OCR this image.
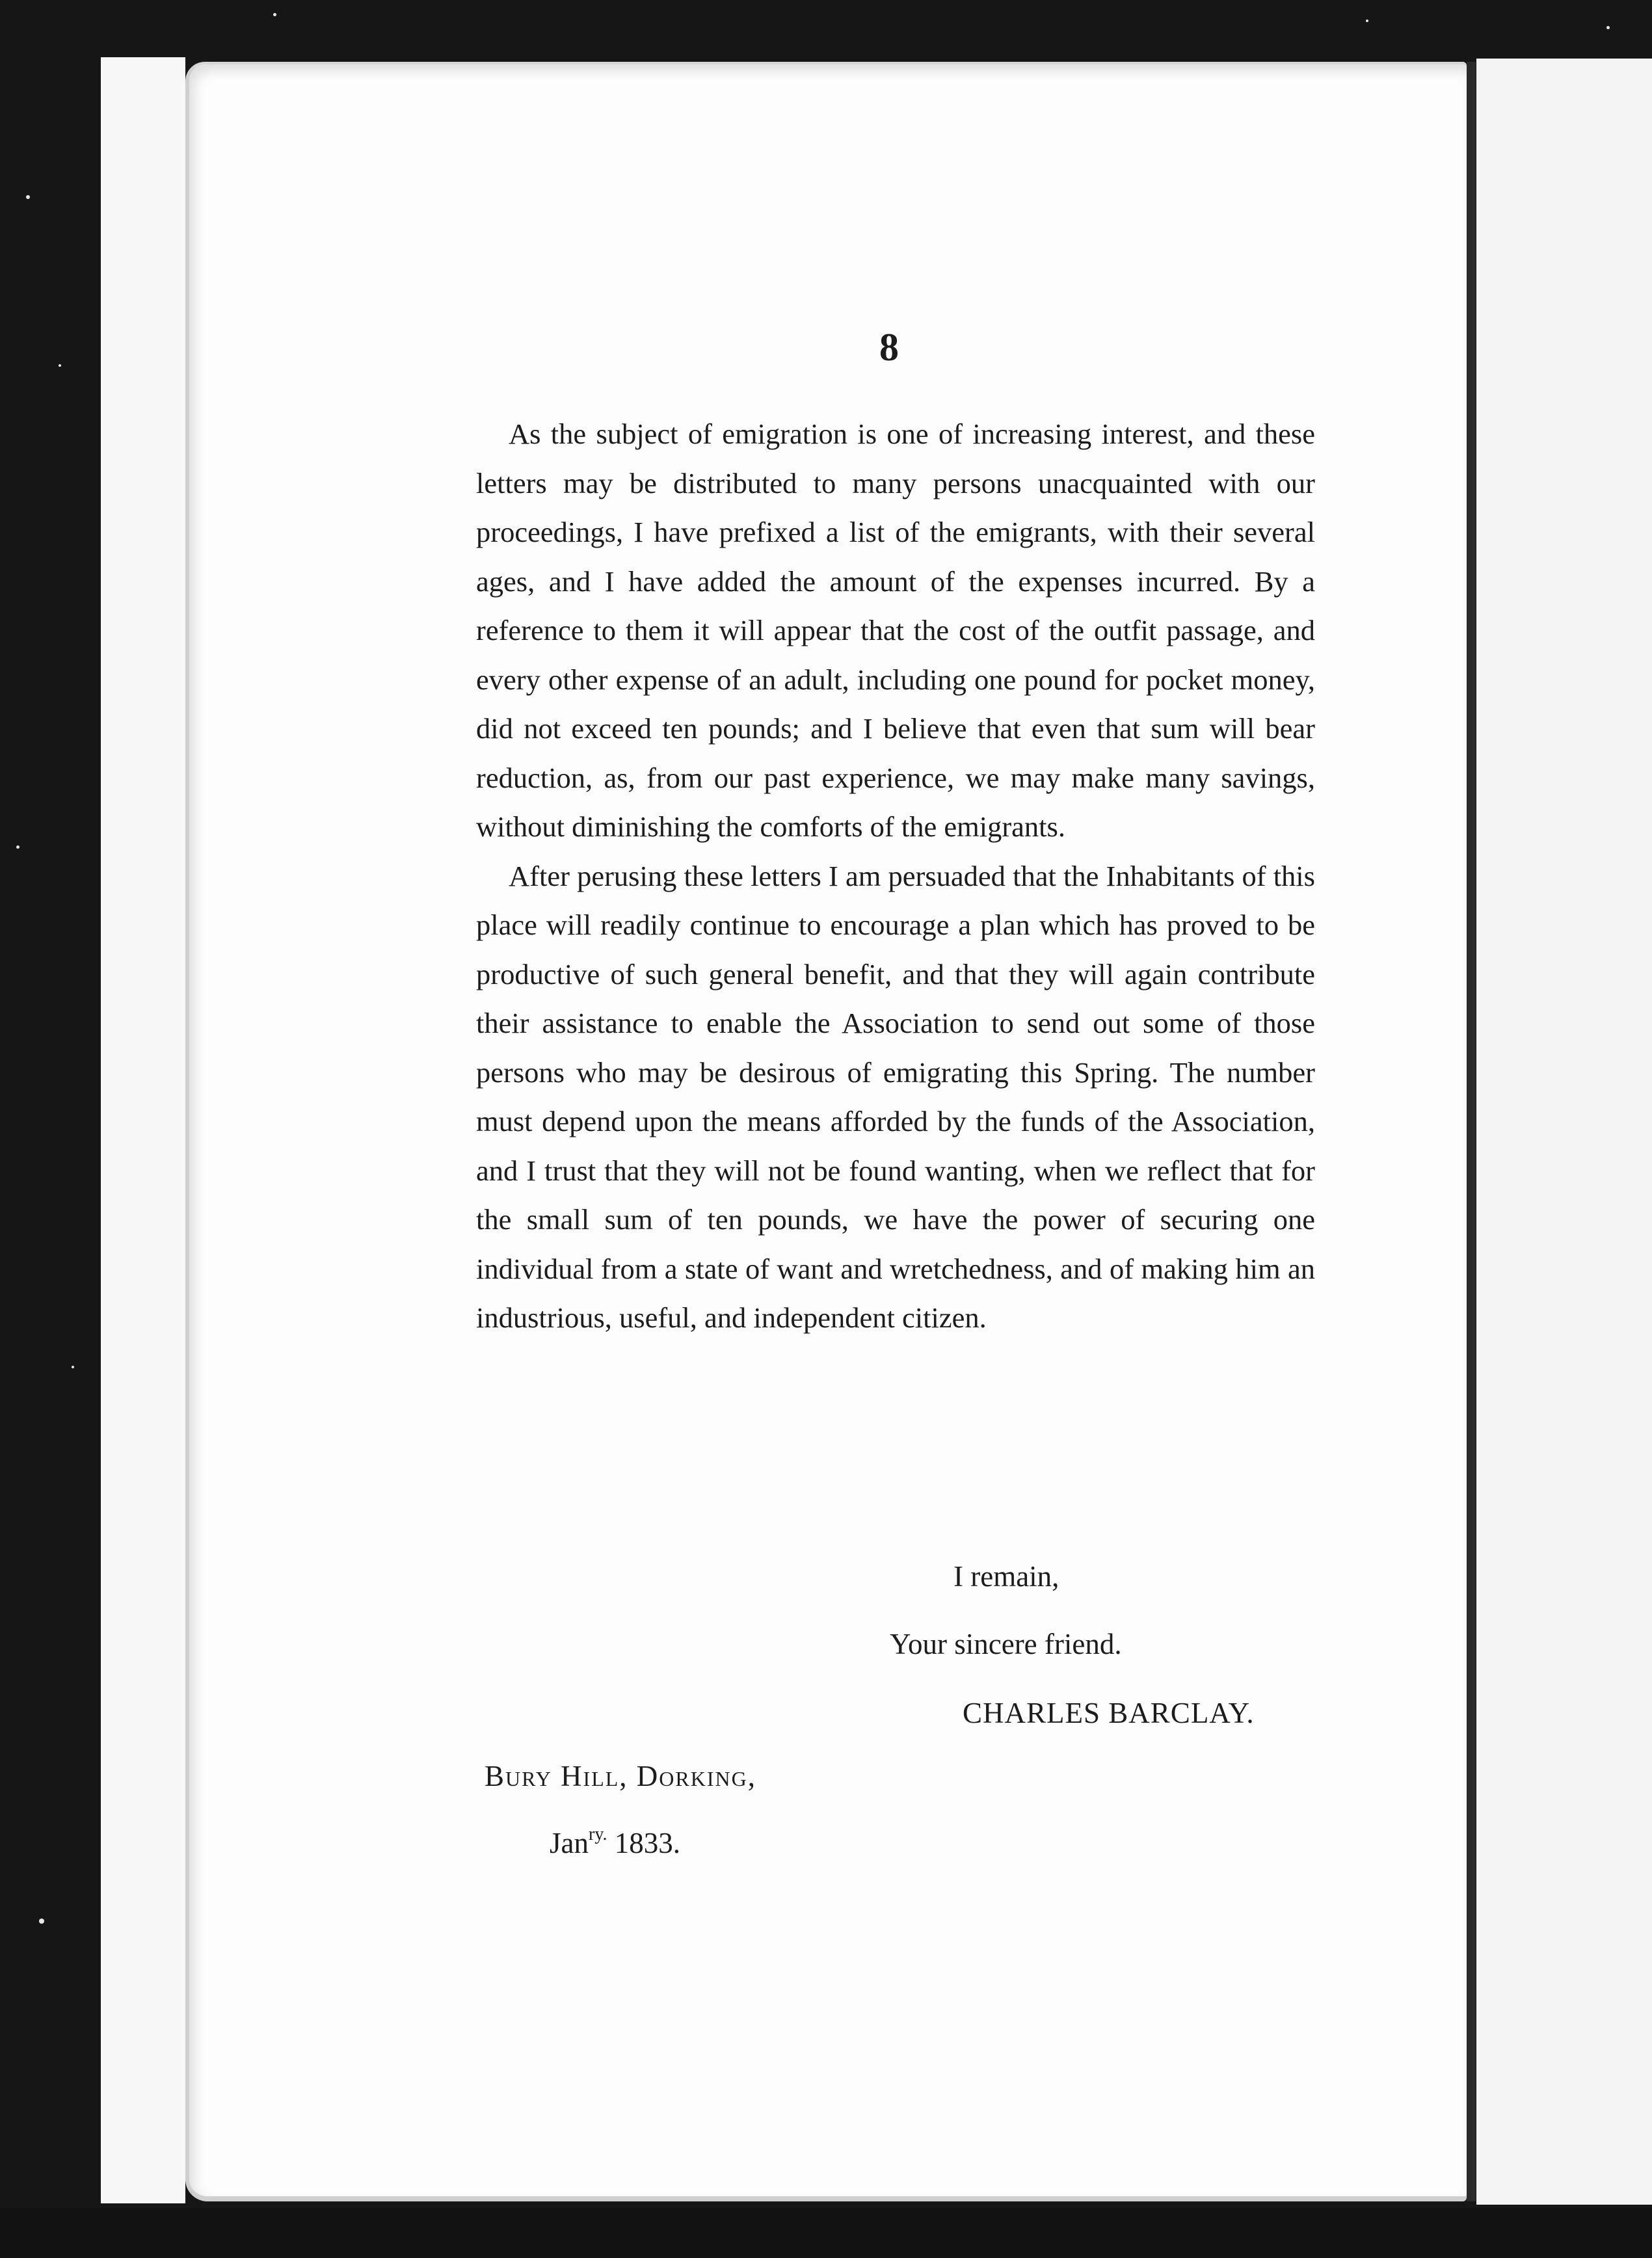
8

As the subject of emigration is one of increasing interest, and these letters may be distributed to many persons unacquainted with our proceedings, I have prefixed a list of the emigrants, with their several ages, and I have added the amount of the expenses incurred. By a reference to them it will appear that the cost of the outfit passage, and every other expense of an adult, including one pound for pocket money, did not exceed ten pounds; and I believe that even that sum will bear reduction, as, from our past experience, we may make many savings, without diminishing the comforts of the emigrants.

After perusing these letters I am persuaded that the Inhabitants of this place will readily continue to encourage a plan which has proved to be productive of such general benefit, and that they will again contribute their assistance to enable the Association to send out some of those persons who may be desirous of emigrating this Spring. The number must depend upon the means afforded by the funds of the Association, and I trust that they will not be found wanting, when we reflect that for the small sum of ten pounds, we have the power of securing one individual from a state of want and wretchedness, and of making him an industrious, useful, and independent citizen.

I remain,
Your sincere friend.
CHARLES BARCLAY.
Bury Hill, Dorking,
Jan$^{ry.}$ 1833.
